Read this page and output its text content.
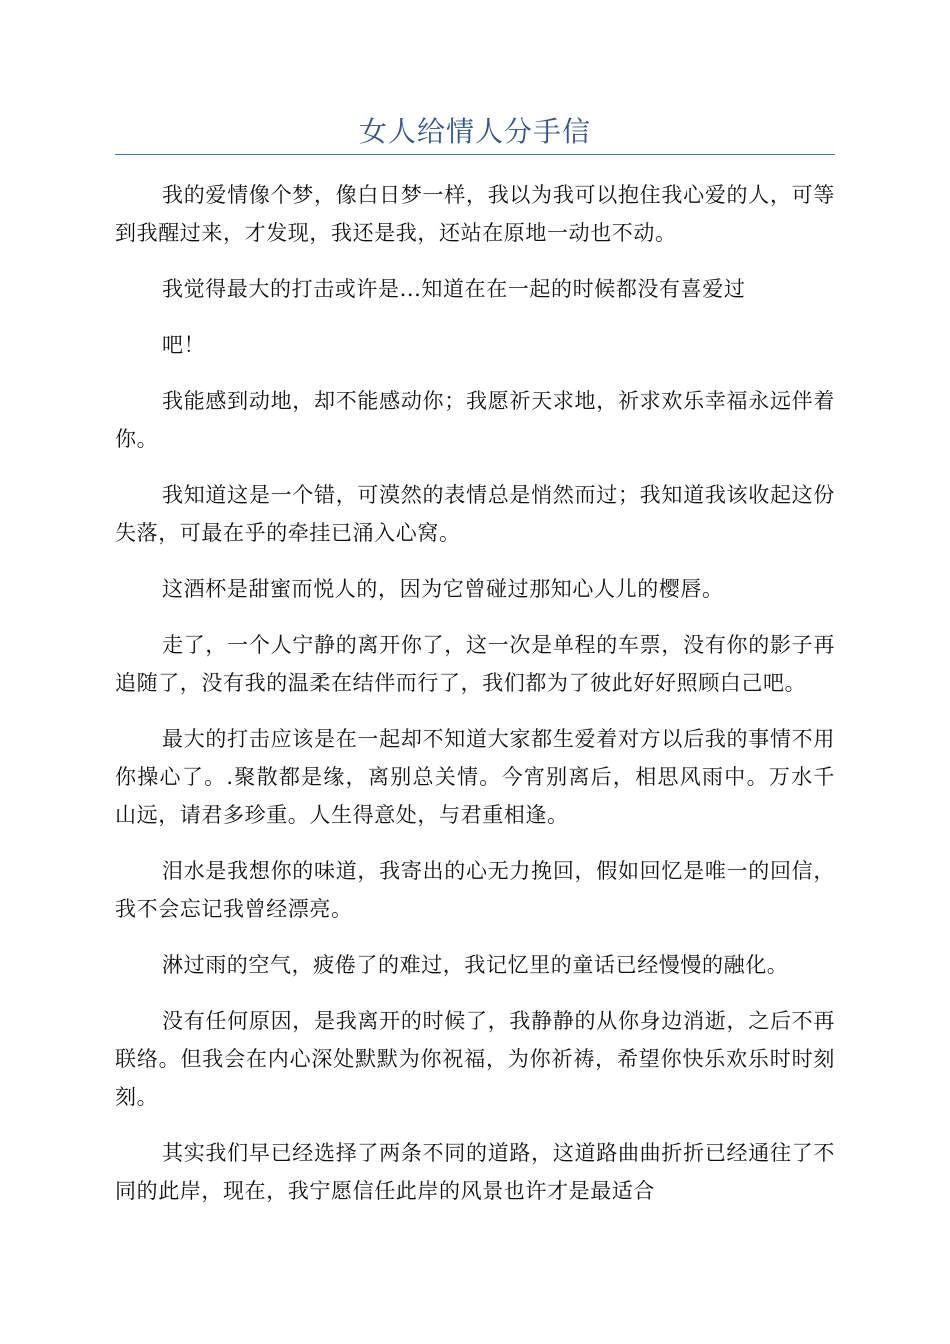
女人给情人分手信

我的爱情像个梦，像白日梦一样，我以为我可以抱住我心爱的人，可等到我醒过来，才发现，我还是我，还站在原地一动也不动。

我觉得最大的打击或许是...知道在在一起的时候都没有喜爱过

吧！

我能感到动地，却不能感动你；我愿祈天求地，祈求欢乐幸福永远伴着你。

我知道这是一个错，可漠然的表情总是悄然而过；我知道我该收起这份失落，可最在乎的牵挂已涌入心窝。

这酒杯是甜蜜而悦人的，因为它曾碰过那知心人儿的樱唇。

走了，一个人宁静的离开你了，这一次是单程的车票，没有你的影子再追随了，没有我的温柔在结伴而行了，我们都为了彼此好好照顾白己吧。

最大的打击应该是在一起却不知道大家都生爱着对方以后我的事情不用你操心了。.聚散都是缘，离别总关情。今宵别离后，相思风雨中。万水千山远，请君多珍重。人生得意处，与君重相逢。

泪水是我想你的味道，我寄出的心无力挽回，假如回忆是唯一的回信，我不会忘记我曾经漂亮。

淋过雨的空气，疲倦了的难过，我记忆里的童话已经慢慢的融化。

没有任何原因，是我离开的时候了，我静静的从你身边消逝，之后不再联络。但我会在内心深处默默为你祝福，为你祈祷，希望你快乐欢乐时时刻刻。

其实我们早已经选择了两条不同的道路，这道路曲曲折折已经通往了不同的此岸，现在，我宁愿信任此岸的风景也许才是最适合
